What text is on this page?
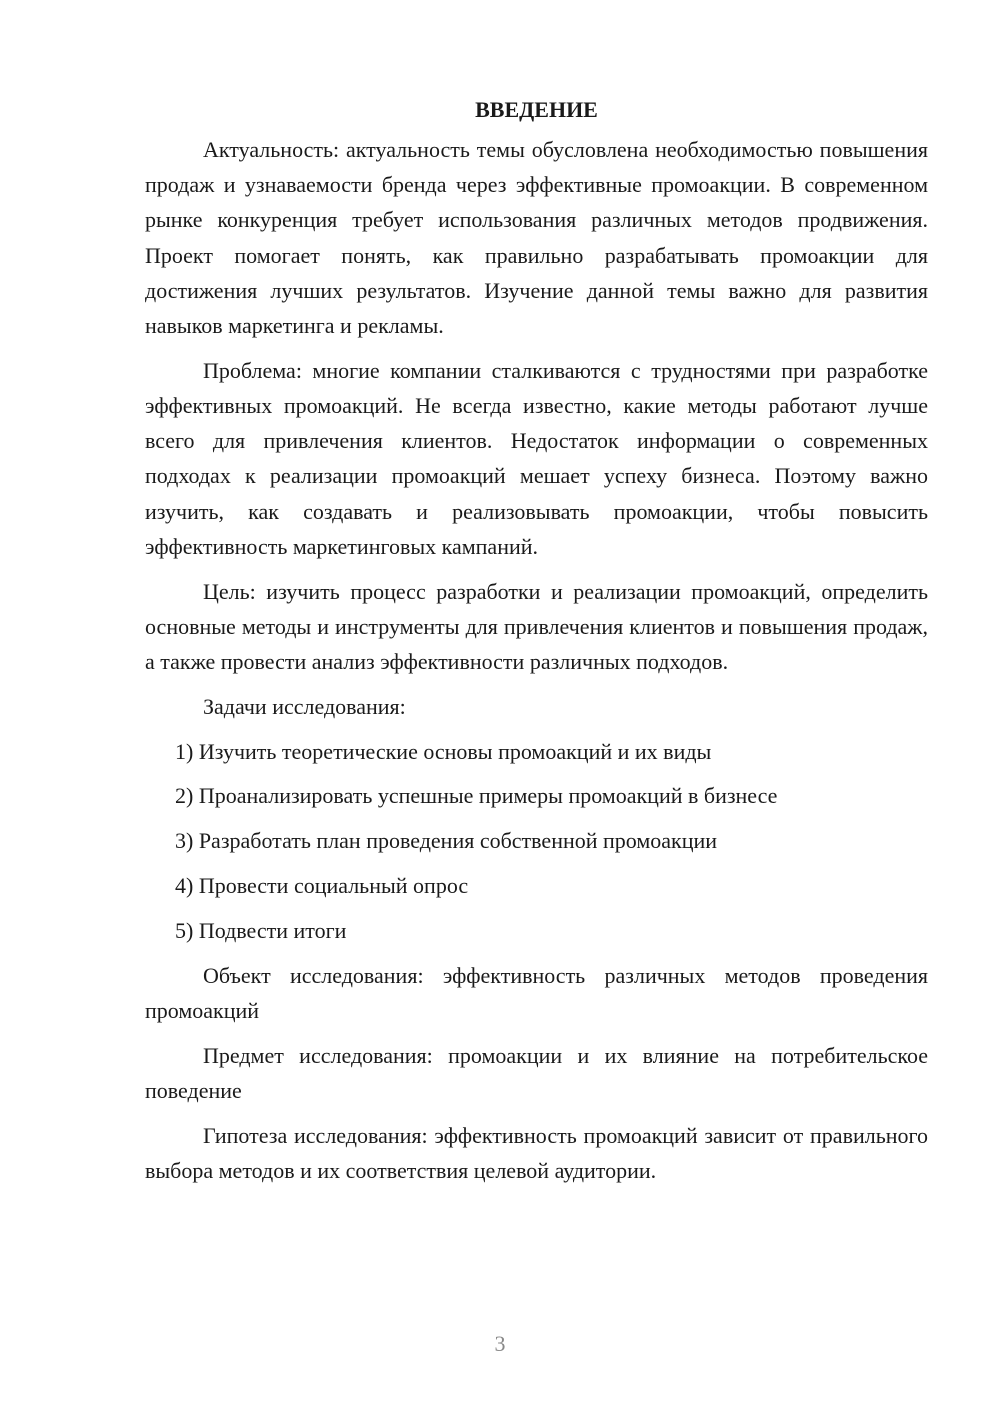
ВВЕДЕНИЕ

Актуальность: актуальность темы обусловлена необходимостью повышения продаж и узнаваемости бренда через эффективные промоакции. В современном рынке конкуренция требует использования различных методов продвижения. Проект помогает понять, как правильно разрабатывать промоакции для достижения лучших результатов. Изучение данной темы важно для развития навыков маркетинга и рекламы.

Проблема: многие компании сталкиваются с трудностями при разработке эффективных промоакций. Не всегда известно, какие методы работают лучше всего для привлечения клиентов. Недостаток информации о современных подходах к реализации промоакций мешает успеху бизнеса. Поэтому важно изучить, как создавать и реализовывать промоакции, чтобы повысить эффективность маркетинговых кампаний.

Цель: изучить процесс разработки и реализации промоакций, определить основные методы и инструменты для привлечения клиентов и повышения продаж, а также провести анализ эффективности различных подходов.

Задачи исследования:

1) Изучить теоретические основы промоакций и их виды
2) Проанализировать успешные примеры промоакций в бизнесе
3) Разработать план проведения собственной промоакции
4) Провести социальный опрос
5) Подвести итоги

Объект исследования: эффективность различных методов проведения промоакций

Предмет исследования: промоакции и их влияние на потребительское поведение

Гипотеза исследования: эффективность промоакций зависит от правильного выбора методов и их соответствия целевой аудитории.

3
